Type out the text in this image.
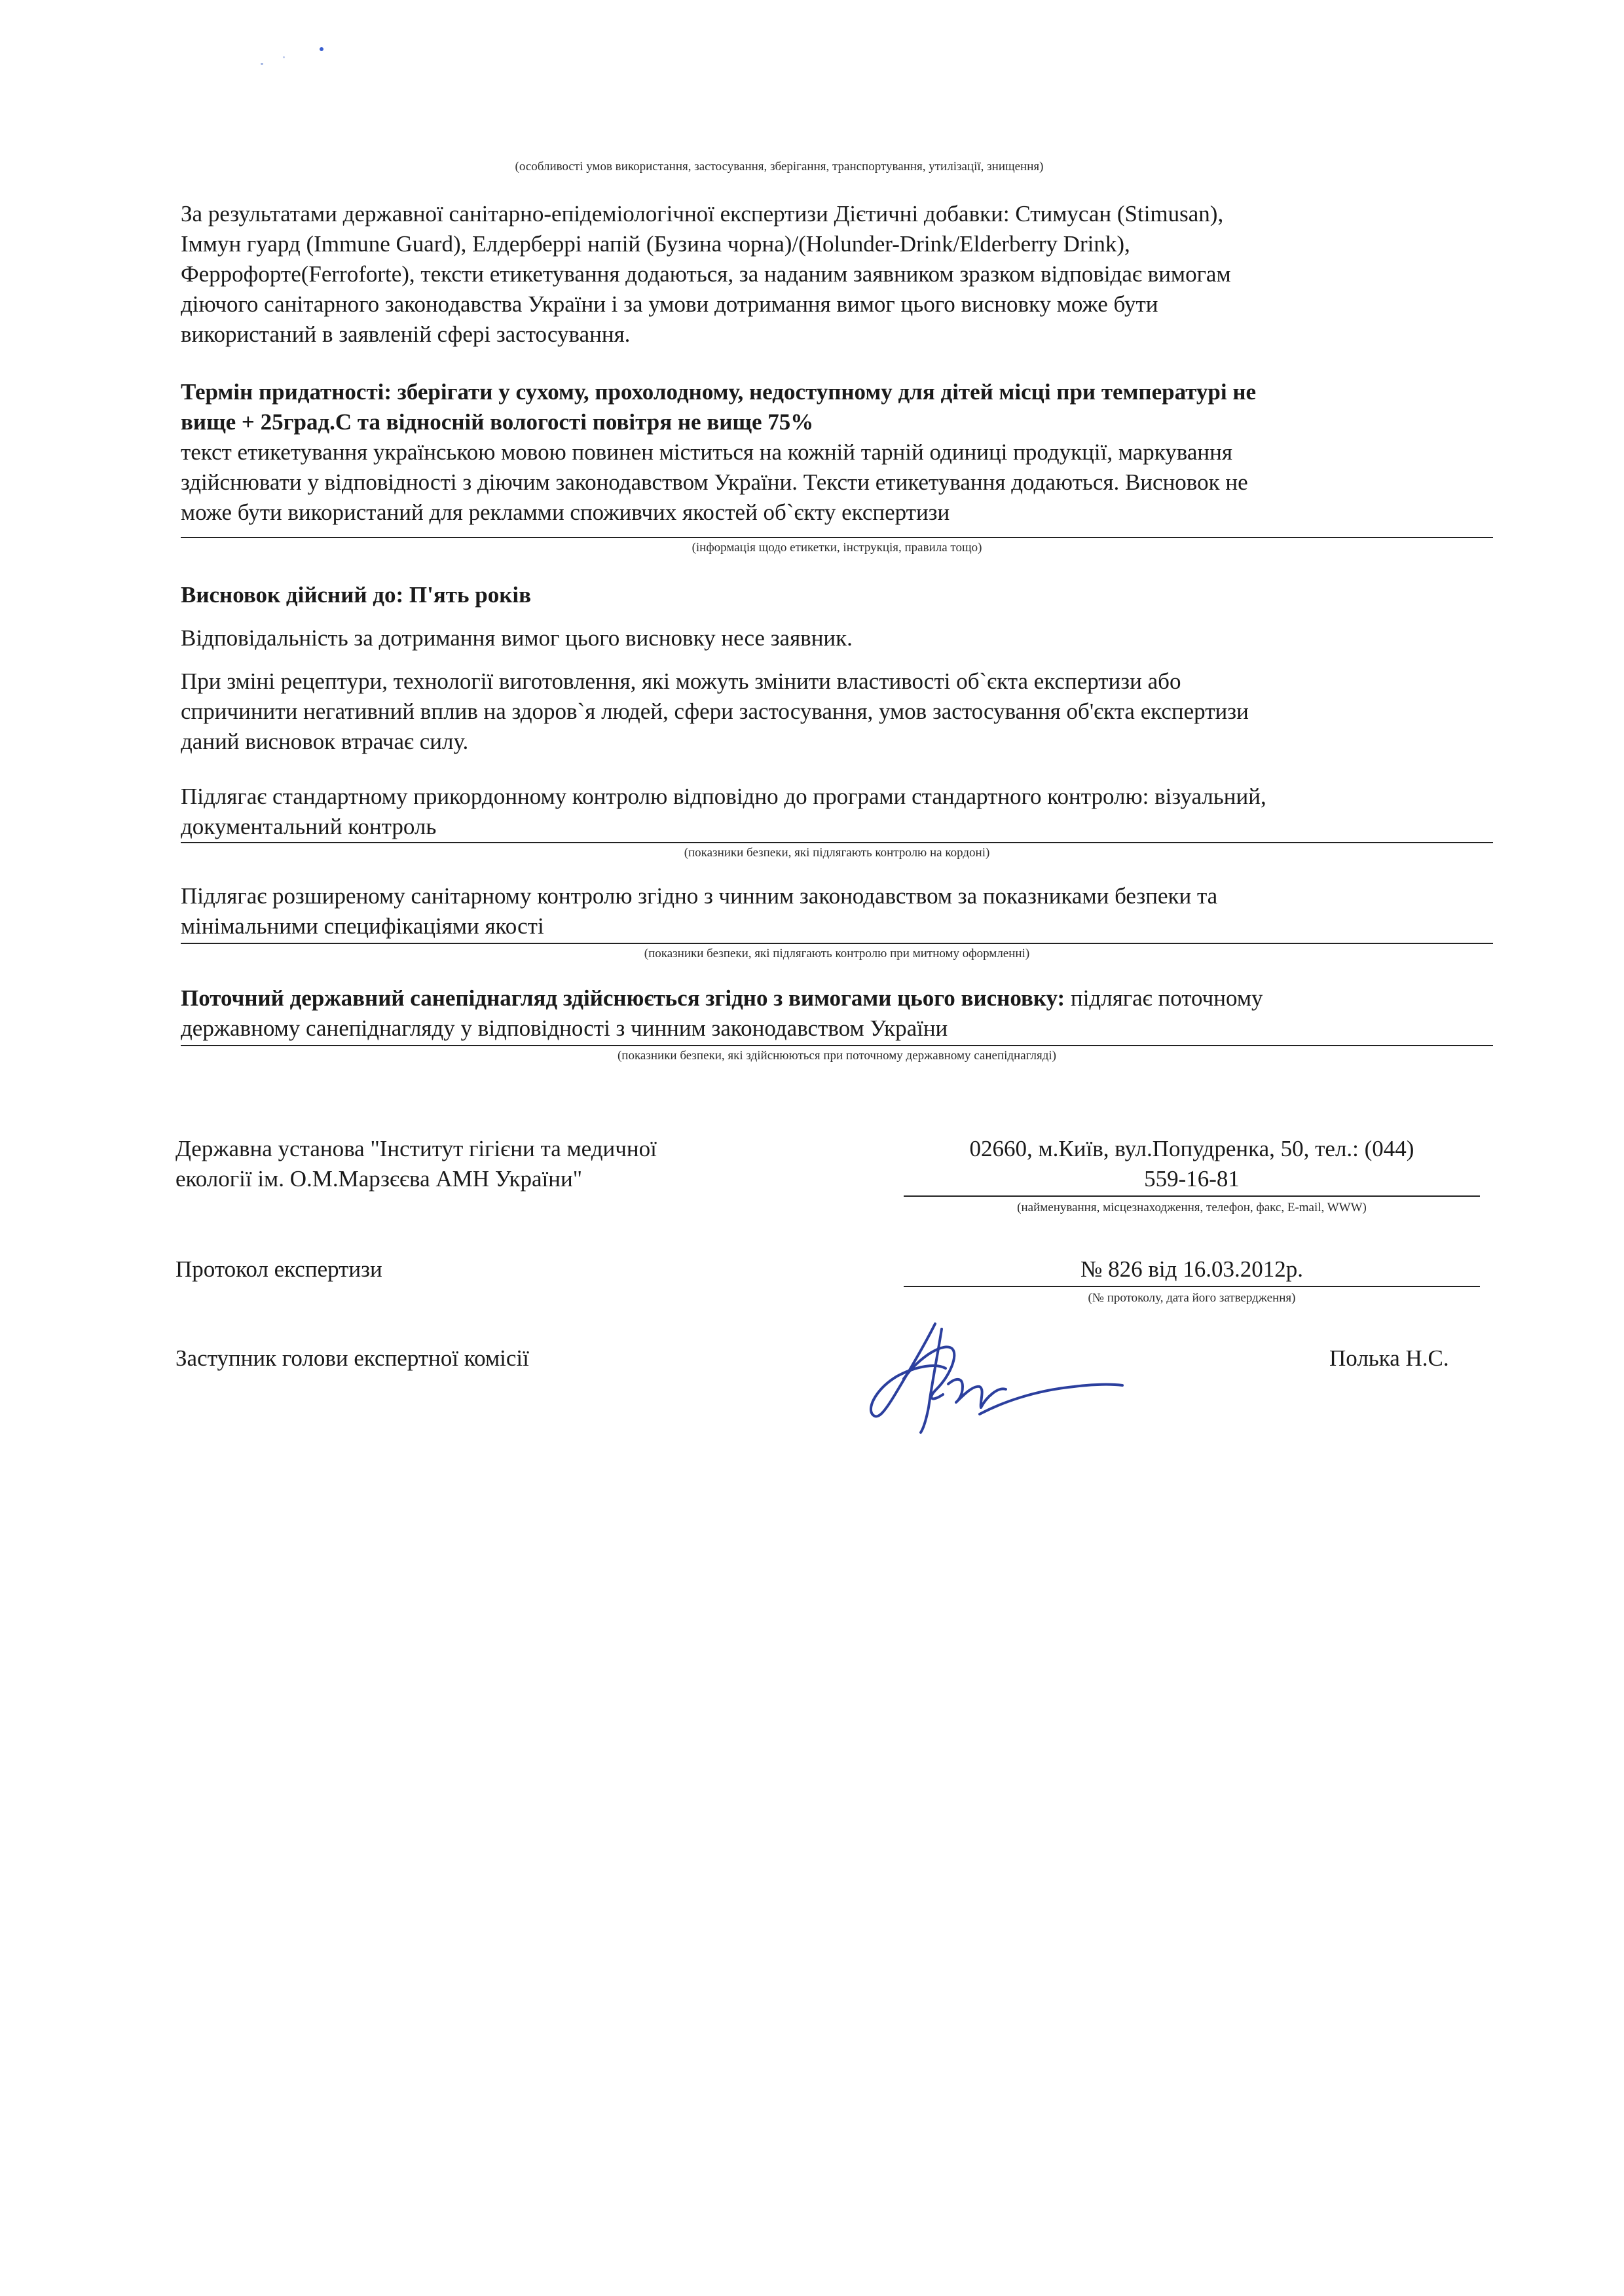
(особливості умов використання, застосування, зберігання, транспортування, утилізації, знищення)
За результатами державної санітарно-епідеміологічної експертизи Дієтичні добавки: Стимусан (Stimusan),
Іммун гуард (Immune Guard), Елдерберрі напій (Бузина чорна)/(Holunder-Drink/Elderberry Drink),
Феррофорте(Ferroforte), тексти етикетування додаються, за наданим заявником зразком відповідає вимогам
діючого санітарного законодавства України і за умови дотримання вимог цього висновку може бути
використаний в заявленій сфері застосування.
Термін придатності: зберігати у сухому, прохолодному, недоступному для дітей місці при температурі не
вище + 25град.С та відносній вологості повітря не вище 75%
текст етикетування українською мовою повинен міститься на кожній тарній одиниці продукції, маркування
здійснювати у відповідності з діючим законодавством України. Тексти етикетування додаються. Висновок не
може бути використаний для рекламми споживчих якостей об`єкту експертизи
(інформація щодо етикетки, інструкція, правила тощо)
Висновок дійсний до: П'ять років
Відповідальність за дотримання вимог цього висновку несе заявник.
При зміні рецептури, технології виготовлення, які можуть змінити властивості об`єкта експертизи або
спричинити негативний вплив на здоров`я людей, сфери застосування, умов застосування об'єкта експертизи
даний висновок втрачає силу.
Підлягає стандартному прикордонному контролю відповідно до програми стандартного контролю: візуальний,
документальний контроль
(показники безпеки, які підлягають контролю на кордоні)
Підлягає розширеному санітарному контролю згідно з чинним законодавством за показниками безпеки та
мінімальними специфікаціями якості
(показники безпеки, які підлягають контролю при митному оформленні)
Поточний державний санепіднагляд здійснюється згідно з вимогами цього висновку: підлягає поточному
державному санепіднагляду у відповідності з чинним законодавством України
(показники безпеки, які здійснюються при поточному державному санепіднагляді)
Державна установа "Інститут гігієни та медичної
екології ім. О.М.Марзєєва АМН України"
02660, м.Київ, вул.Попудренка, 50, тел.: (044)
559-16-81
(найменування, місцезнаходження, телефон, факс, E-mail, WWW)
Протокол експертизи	№ 826 від 16.03.2012р.
(№ протоколу, дата його затвердження)
Заступник голови експертної комісії	Полька Н.С.
